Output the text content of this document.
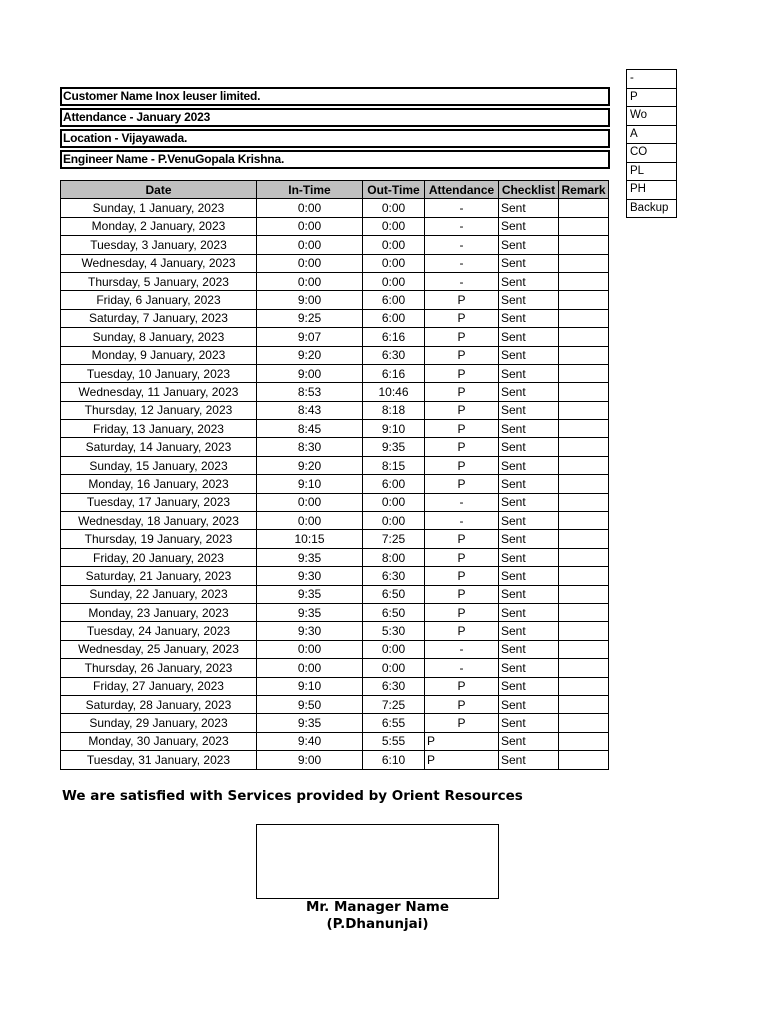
-
P
Wo
A
CO
PL
PH
Backup
Customer Name Inox leuser limited.
Attendance - January 2023
Location - Vijayawada.
Engineer Name - P.VenuGopala Krishna.
Date	In-Time	Out-Time	Attendance	Checklist	Remark
Sunday, 1 January, 2023	0:00	0:00	-	Sent	
Monday, 2 January, 2023	0:00	0:00	-	Sent	
Tuesday, 3 January, 2023	0:00	0:00	-	Sent	
Wednesday, 4 January, 2023	0:00	0:00	-	Sent	
Thursday, 5 January, 2023	0:00	0:00	-	Sent	
Friday, 6 January, 2023	9:00	6:00	P	Sent	
Saturday, 7 January, 2023	9:25	6:00	P	Sent	
Sunday, 8 January, 2023	9:07	6:16	P	Sent	
Monday, 9 January, 2023	9:20	6:30	P	Sent	
Tuesday, 10 January, 2023	9:00	6:16	P	Sent	
Wednesday, 11 January, 2023	8:53	10:46	P	Sent	
Thursday, 12 January, 2023	8:43	8:18	P	Sent	
Friday, 13 January, 2023	8:45	9:10	P	Sent	
Saturday, 14 January, 2023	8:30	9:35	P	Sent	
Sunday, 15 January, 2023	9:20	8:15	P	Sent	
Monday, 16 January, 2023	9:10	6:00	P	Sent	
Tuesday, 17 January, 2023	0:00	0:00	-	Sent	
Wednesday, 18 January, 2023	0:00	0:00	-	Sent	
Thursday, 19 January, 2023	10:15	7:25	P	Sent	
Friday, 20 January, 2023	9:35	8:00	P	Sent	
Saturday, 21 January, 2023	9:30	6:30	P	Sent	
Sunday, 22 January, 2023	9:35	6:50	P	Sent	
Monday, 23 January, 2023	9:35	6:50	P	Sent	
Tuesday, 24 January, 2023	9:30	5:30	P	Sent	
Wednesday, 25 January, 2023	0:00	0:00	-	Sent	
Thursday, 26 January, 2023	0:00	0:00	-	Sent	
Friday, 27 January, 2023	9:10	6:30	P	Sent	
Saturday, 28 January, 2023	9:50	7:25	P	Sent	
Sunday, 29 January, 2023	9:35	6:55	P	Sent	
Monday, 30 January, 2023	9:40	5:55	P	Sent	
Tuesday, 31 January, 2023	9:00	6:10	P	Sent	
We are satisfied with Services provided by Orient Resources
Mr. Manager Name
(P.Dhanunjai)
